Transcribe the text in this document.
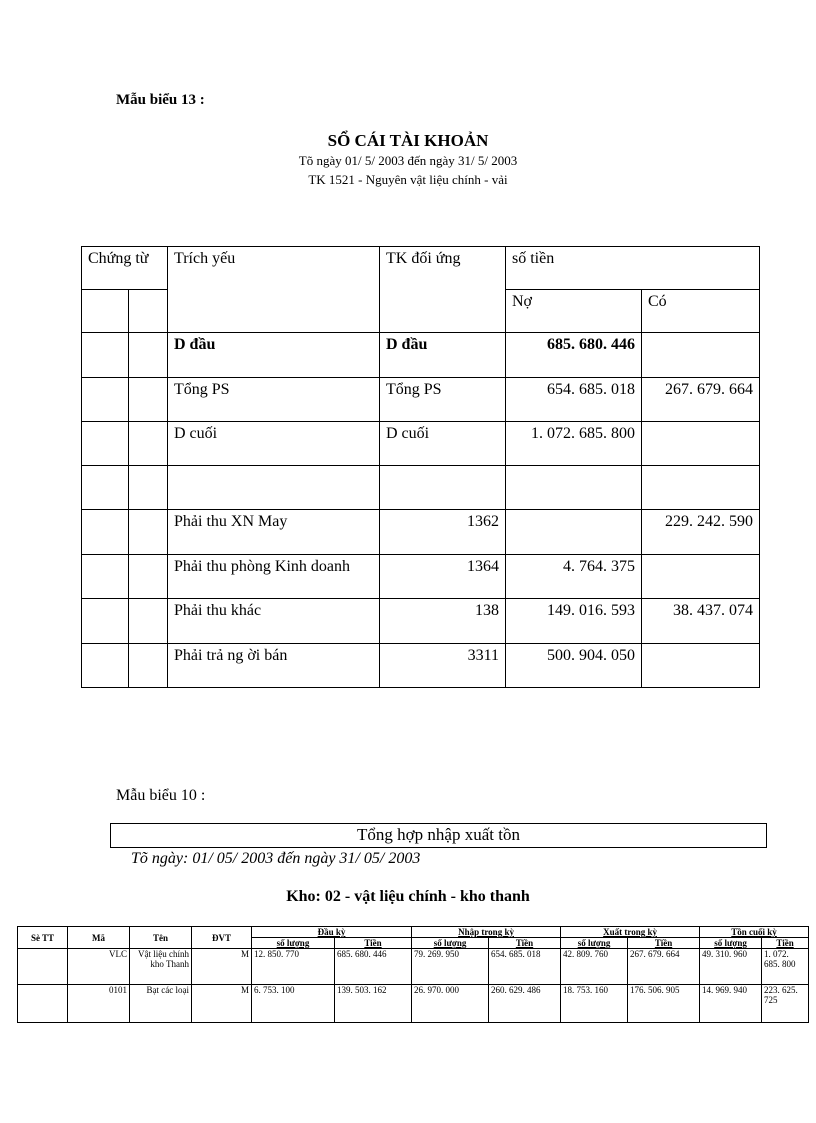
Mẫu biểu 13 :
SỔ CÁI TÀI KHOẢN
Tõ ngày 01/ 5/ 2003 đến ngày 31/ 5/ 2003
TK 1521 - Nguyên vật liệu chính - vải
Chứng từ		Trích yếu	TK đối ứng	số tiền	
				Nợ	Có
		D đầu	D đầu	685. 680. 446	
		Tổng PS	Tổng PS	654. 685. 018	267. 679. 664
		D cuối	D cuối	1. 072. 685. 800	

		Phải thu XN May	1362		229. 242. 590
		Phải thu phòng Kinh doanh	1364	4. 764. 375	
		Phải thu khác	138	149. 016. 593	38. 437. 074
		Phải trả ng ời bán	3311	500. 904. 050	
Mẫu biểu 10 :
Tổng hợp nhập xuất tồn
Tõ ngày: 01/ 05/ 2003 đến ngày 31/ 05/ 2003
Kho: 02 - vật liệu chính - kho thanh
Sè TT	Mã	Tên	ĐVT	Đầu kỳ		Nhập trong kỳ		Xuất trong kỳ		Tồn cuối kỳ	
				số lượng	Tiền	số lượng	Tiền	số lượng	Tiền	số lượng	Tiền
	VLC	Vật liệu chính kho Thanh	M	12. 850. 770	685. 680. 446	79. 269. 950	654. 685. 018	42. 809. 760	267. 679. 664	49. 310. 960	1. 072. 685. 800
	0101	Bạt các loại	M	6. 753. 100	139. 503. 162	26. 970. 000	260. 629. 486	18. 753. 160	176. 506. 905	14. 969. 940	223. 625. 725
